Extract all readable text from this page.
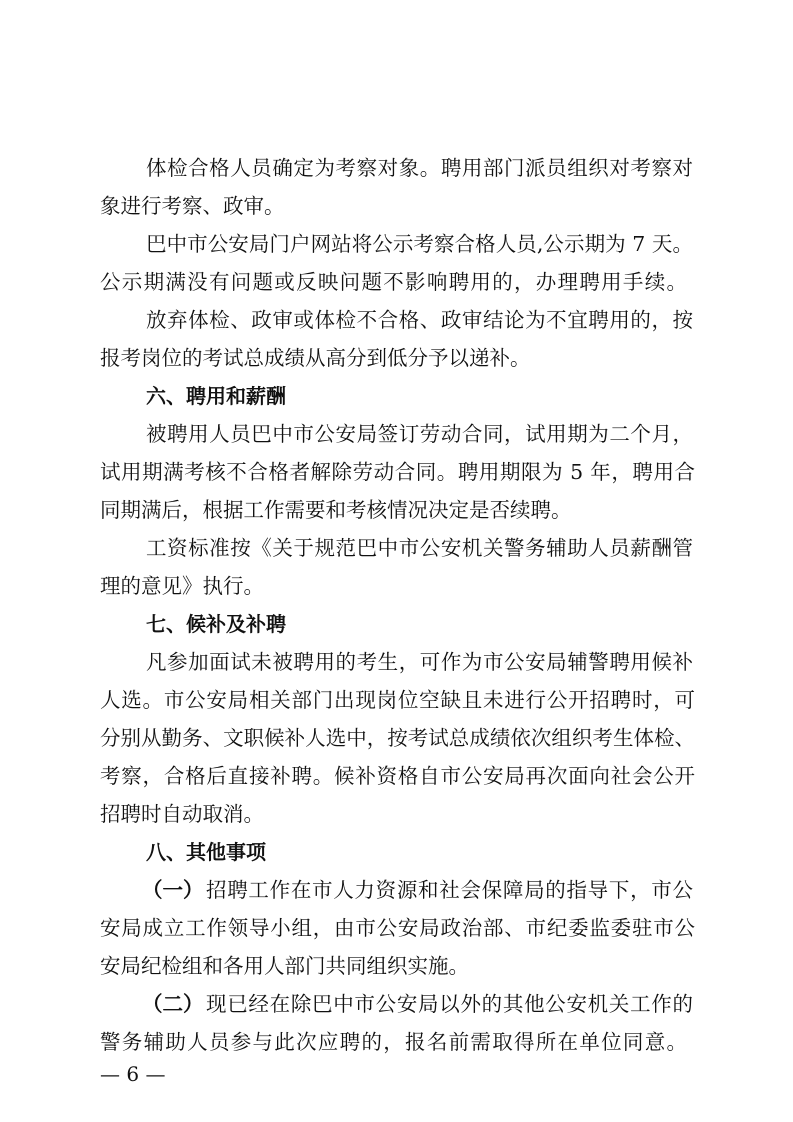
体检合格人员确定为考察对象。聘用部门派员组织对考察对
象进行考察、政审。
巴中市公安局门户网站将公示考察合格人员,公示期为 7 天。
公示期满没有问题或反映问题不影响聘用的，办理聘用手续。
放弃体检、政审或体检不合格、政审结论为不宜聘用的，按
报考岗位的考试总成绩从高分到低分予以递补。
六、聘用和薪酬
被聘用人员巴中市公安局签订劳动合同，试用期为二个月，
试用期满考核不合格者解除劳动合同。聘用期限为 5 年，聘用合
同期满后，根据工作需要和考核情况决定是否续聘。
工资标准按《关于规范巴中市公安机关警务辅助人员薪酬管
理的意见》执行。
七、候补及补聘
凡参加面试未被聘用的考生，可作为市公安局辅警聘用候补
人选。市公安局相关部门出现岗位空缺且未进行公开招聘时，可
分别从勤务、文职候补人选中，按考试总成绩依次组织考生体检、
考察，合格后直接补聘。候补资格自市公安局再次面向社会公开
招聘时自动取消。
八、其他事项
（一） 招聘工作在市人力资源和社会保障局的指导下，市公
安局成立工作领导小组，由市公安局政治部、市纪委监委驻市公
安局纪检组和各用人部门共同组织实施。
（二） 现已经在除巴中市公安局以外的其他公安机关工作的
警务辅助人员参与此次应聘的，报名前需取得所在单位同意。
— 6 —
